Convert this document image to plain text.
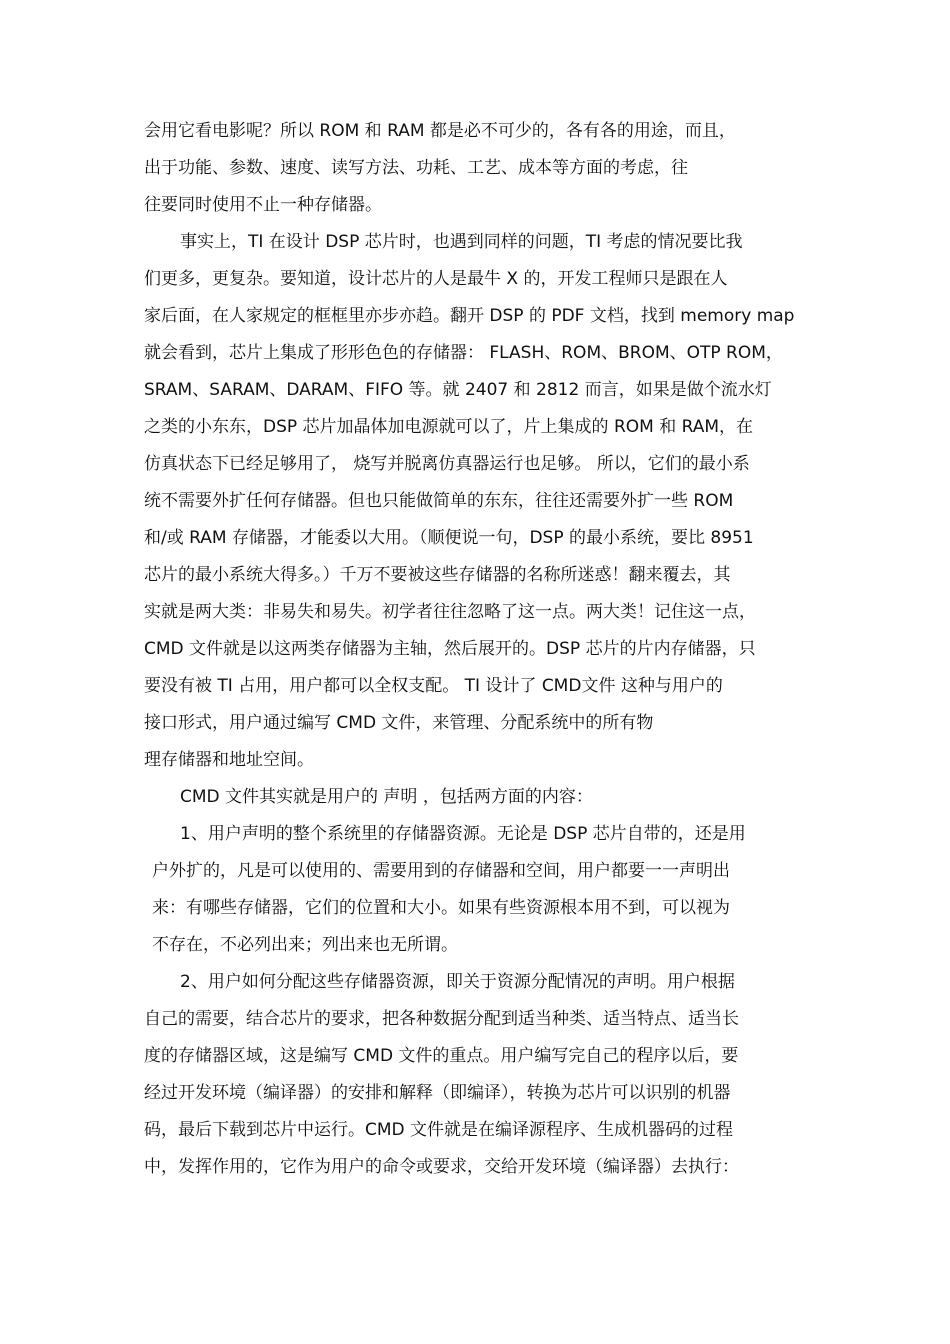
会用它看电影呢？所以 ROM 和 RAM 都是必不可少的，各有各的用途，而且，
出于功能、参数、速度、读写方法、功耗、工艺、成本等方面的考虑，往
往要同时使用不止一种存储器。
事实上，TI 在设计 DSP 芯片时，也遇到同样的问题，TI 考虑的情况要比我
们更多，更复杂。要知道，设计芯片的人是最牛 X 的，开发工程师只是跟在人
家后面，在人家规定的框框里亦步亦趋。翻开 DSP 的 PDF 文档，找到 memory map
就会看到，芯片上集成了形形色色的存储器： FLASH、ROM、BROM、OTP ROM，
SRAM、SARAM、DARAM、FIFO 等。就 2407 和 2812 而言，如果是做个流水灯
之类的小东东，DSP 芯片加晶体加电源就可以了，片上集成的 ROM 和 RAM，在
仿真状态下已经足够用了， 烧写并脱离仿真器运行也足够。 所以，它们的最小系
统不需要外扩任何存储器。但也只能做简单的东东，往往还需要外扩一些 ROM
和/或 RAM 存储器，才能委以大用。（顺便说一句，DSP 的最小系统，要比 8951
芯片的最小系统大得多。）千万不要被这些存储器的名称所迷惑！翻来覆去，其
实就是两大类：非易失和易失。初学者往往忽略了这一点。两大类！记住这一点，
CMD 文件就是以这两类存储器为主轴，然后展开的。DSP 芯片的片内存储器，只
要没有被 TI 占用，用户都可以全权支配。 TI 设计了 CMD文件 这种与用户的
接口形式，用户通过编写 CMD 文件，来管理、分配系统中的所有物
理存储器和地址空间。
CMD 文件其实就是用户的 声明 ，包括两方面的内容：
1、用户声明的整个系统里的存储器资源。无论是 DSP 芯片自带的，还是用
户外扩的，凡是可以使用的、需要用到的存储器和空间，用户都要一一声明出
来：有哪些存储器，它们的位置和大小。如果有些资源根本用不到，可以视为
不存在，不必列出来；列出来也无所谓。
2、用户如何分配这些存储器资源，即关于资源分配情况的声明。用户根据
自己的需要，结合芯片的要求，把各种数据分配到适当种类、适当特点、适当长
度的存储器区域，这是编写 CMD 文件的重点。用户编写完自己的程序以后，要
经过开发环境（编译器）的安排和解释（即编译），转换为芯片可以识别的机器
码，最后下载到芯片中运行。CMD 文件就是在编译源程序、生成机器码的过程
中，发挥作用的，它作为用户的命令或要求，交给开发环境（编译器）去执行：
